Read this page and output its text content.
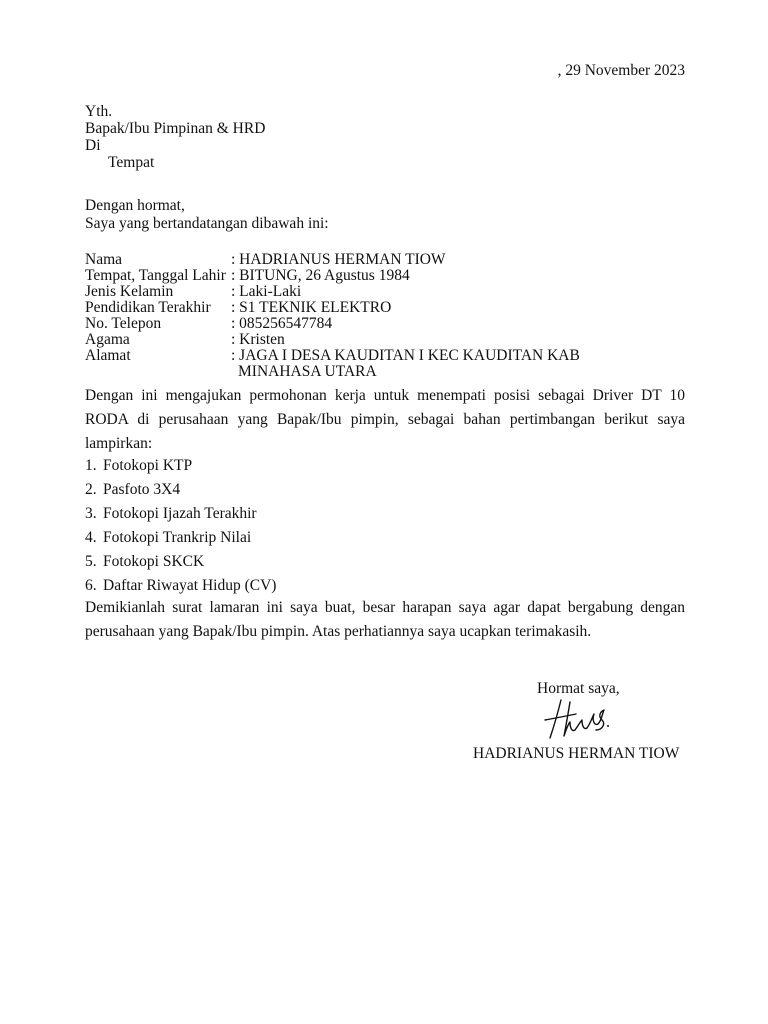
, 29 November 2023
Yth.
Bapak/Ibu Pimpinan & HRD
Di
Tempat
Dengan hormat,
Saya yang bertandatangan dibawah ini:
Nama	: HADRIANUS HERMAN TIOW
Tempat, Tanggal Lahir : BITUNG, 26 Agustus 1984
Jenis Kelamin	: Laki-Laki
Pendidikan Terakhir	: S1 TEKNIK ELEKTRO
No. Telepon	: 085256547784
Agama	: Kristen
Alamat	: JAGA I DESA KAUDITAN I KEC KAUDITAN KAB
MINAHASA UTARA
Dengan ini mengajukan permohonan kerja untuk menempati posisi sebagai Driver DT 10 RODA di perusahaan yang Bapak/Ibu pimpin, sebagai bahan pertimbangan berikut saya lampirkan:
1. Fotokopi KTP
2. Pasfoto 3X4
3. Fotokopi Ijazah Terakhir
4. Fotokopi Trankrip Nilai
5. Fotokopi SKCK
6. Daftar Riwayat Hidup (CV)
Demikianlah surat lamaran ini saya buat, besar harapan saya agar dapat bergabung dengan perusahaan yang Bapak/Ibu pimpin. Atas perhatiannya saya ucapkan terimakasih.
Hormat saya,
HADRIANUS HERMAN TIOW
